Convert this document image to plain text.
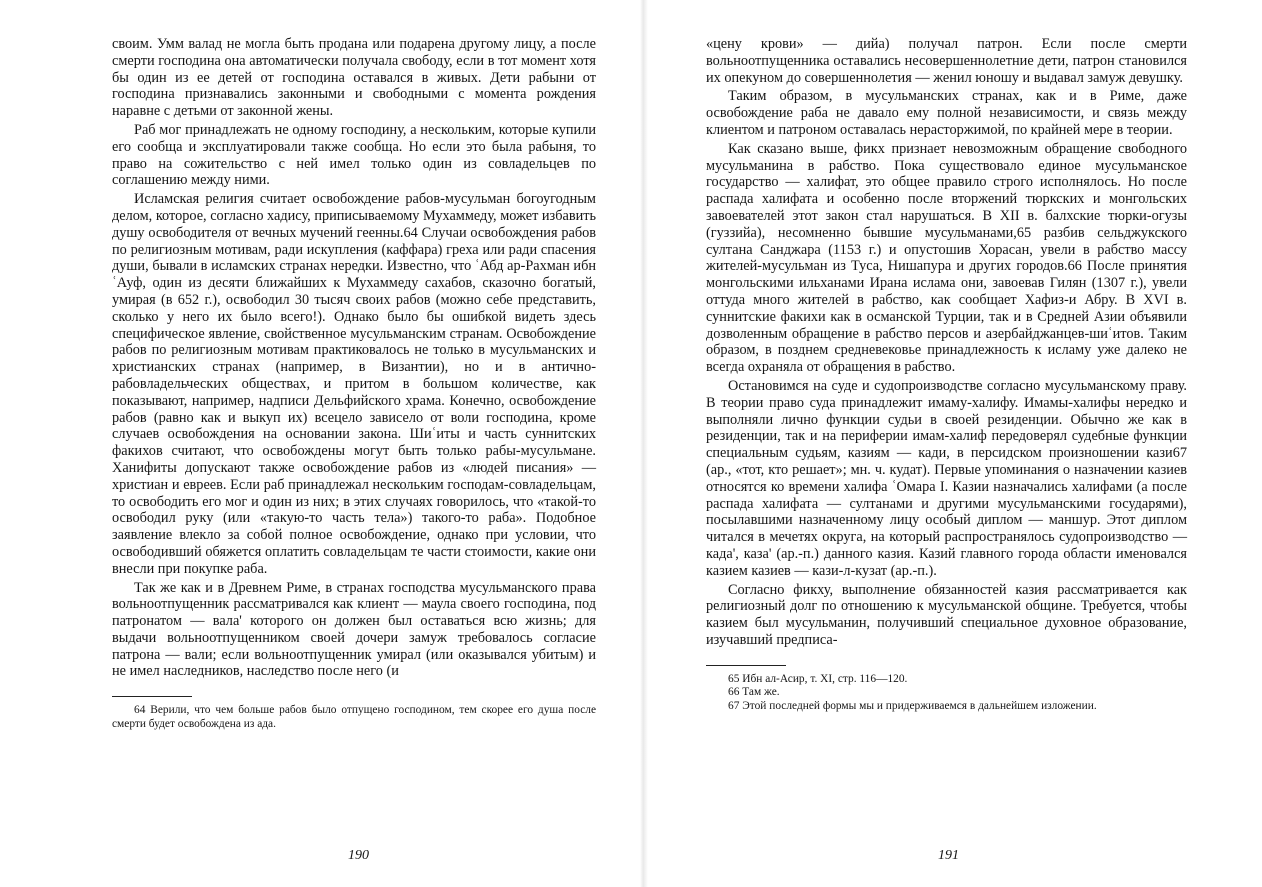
своим. Умм валад не могла быть продана или подарена другому лицу, а после смерти господина она автоматически получала свободу, если в тот момент хотя бы один из ее детей от господина оставался в живых. Дети рабыни от господина признавались законными и свободными с момента рождения наравне с детьми от законной жены.

Раб мог принадлежать не одному господину, а нескольким, которые купили его сообща и эксплуатировали также сообща. Но если это была рабыня, то право на сожительство с ней имел только один из совладельцев по соглашению между ними.

Исламская религия считает освобождение рабов-мусульман богоугодным делом, которое, согласно хадису, приписываемому Мухаммеду, может избавить душу освободителя от вечных мучений геенны.64 Случаи освобождения рабов по религиозным мотивам, ради искупления (каффара) греха или ради спасения души, бывали в исламских странах нередки. Известно, что ʿАбд ар-Рахман ибн ʿАуф, один из десяти ближайших к Мухаммеду сахабов, сказочно богатый, умирая (в 652 г.), освободил 30 тысяч своих рабов (можно себе представить, сколько у него их было всего!). Однако было бы ошибкой видеть здесь специфическое явление, свойственное мусульманским странам. Освобождение рабов по религиозным мотивам практиковалось не только в мусульманских и христианских странах (например, в Византии), но и в антично-рабовладельческих обществах, и притом в большом количестве, как показывают, например, надписи Дельфийского храма. Конечно, освобождение рабов (равно как и выкуп их) всецело зависело от воли господина, кроме случаев освобождения на основании закона. Шиʿиты и часть суннитских факихов считают, что освобождены могут быть только рабы-мусульмане. Ханифиты допускают также освобождение рабов из «людей писания» — христиан и евреев. Если раб принадлежал нескольким господам-совладельцам, то освободить его мог и один из них; в этих случаях говорилось, что «такой-то освободил руку (или «такую-то часть тела») такого-то раба». Подобное заявление влекло за собой полное освобождение, однако при условии, что освободивший обяжется оплатить совладельцам те части стоимости, какие они внесли при покупке раба.

Так же как и в Древнем Риме, в странах господства мусульманского права вольноотпущенник рассматривался как клиент — маула своего господина, под патронатом — вала' которого он должен был оставаться всю жизнь; для выдачи вольноотпущенником своей дочери замуж требовалось согласие патрона — вали; если вольноотпущенник умирал (или оказывался убитым) и не имел наследников, наследство после него (и

64 Верили, что чем больше рабов было отпущено господином, тем скорее его душа после смерти будет освобождена из ада.

190

«цену крови» — дийа) получал патрон. Если после смерти вольноотпущенника оставались несовершеннолетние дети, патрон становился их опекуном до совершеннолетия — женил юношу и выдавал замуж девушку.

Таким образом, в мусульманских странах, как и в Риме, даже освобождение раба не давало ему полной независимости, и связь между клиентом и патроном оставалась нерасторжимой, по крайней мере в теории.

Как сказано выше, фикх признает невозможным обращение свободного мусульманина в рабство. Пока существовало единое мусульманское государство — халифат, это общее правило строго исполнялось. Но после распада халифата и особенно после вторжений тюркских и монгольских завоевателей этот закон стал нарушаться. В XII в. балхские тюрки-огузы (гуззийа), несомненно бывшие мусульманами,65 разбив сельджукского султана Санджара (1153 г.) и опустошив Хорасан, увели в рабство массу жителей-мусульман из Туса, Нишапура и других городов.66 После принятия монгольскими ильханами Ирана ислама они, завоевав Гилян (1307 г.), увели оттуда много жителей в рабство, как сообщает Хафиз-и Абру. В XVI в. суннитские факихи как в османской Турции, так и в Средней Азии объявили дозволенным обращение в рабство персов и азербайджанцев-шиʿитов. Таким образом, в позднем средневековье принадлежность к исламу уже далеко не всегда охраняла от обращения в рабство.

Остановимся на суде и судопроизводстве согласно мусульманскому праву. В теории право суда принадлежит имаму-халифу. Имамы-халифы нередко и выполняли лично функции судьи в своей резиденции. Обычно же как в резиденции, так и на периферии имам-халиф передоверял судебные функции специальным судьям, казиям — кади, в персидском произношении кази67 (ар., «тот, кто решает»; мн. ч. кудат). Первые упоминания о назначении казиев относятся ко времени халифа ʿОмара I. Казии назначались халифами (а после распада халифата — султанами и другими мусульманскими государями), посылавшими назначенному лицу особый диплом — маншур. Этот диплом читался в мечетях округа, на который распространялось судопроизводство — када', каза' (ар.-п.) данного казия. Казий главного города области именовался казием казиев — кази-л-кузат (ар.-п.).

Согласно фикху, выполнение обязанностей казия рассматривается как религиозный долг по отношению к мусульманской общине. Требуется, чтобы казием был мусульманин, получивший специальное духовное образование, изучавший предписа-

65 Ибн ал-Асир, т. XI, стр. 116—120.

66 Там же.

67 Этой последней формы мы и придерживаемся в дальнейшем изложении.

191
